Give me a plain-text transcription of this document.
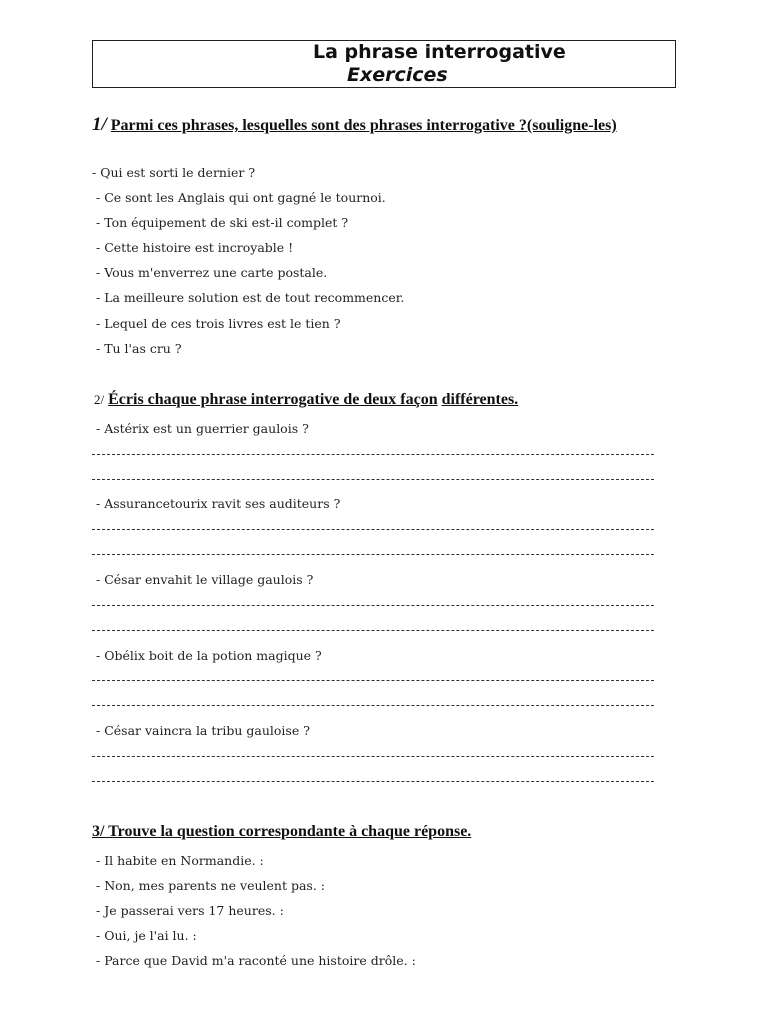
La phrase interrogative
Exercices
1/ Parmi ces phrases, lesquelles sont des phrases interrogative ?(souligne-les)
- Qui est sorti le dernier ?
- Ce sont les Anglais qui ont gagné le tournoi.
- Ton équipement de ski est-il complet ?
- Cette histoire est incroyable !
- Vous m'enverrez une carte postale.
- La meilleure solution est de tout recommencer.
- Lequel de ces trois livres est le tien ?
- Tu l'as cru ?
2/ Écris chaque phrase interrogative de deux façon différentes.
- Astérix est un guerrier gaulois ?
- Assurancetourix ravit ses auditeurs ?
- César envahit le village gaulois ?
- Obélix boit de la potion magique ?
- César vaincra la tribu gauloise ?
3/ Trouve la question correspondante à chaque réponse.
- Il habite en Normandie. :
- Non, mes parents ne veulent pas. :
- Je passerai vers 17 heures. :
- Oui, je l'ai lu. :
- Parce que David m'a raconté une histoire drôle. :
